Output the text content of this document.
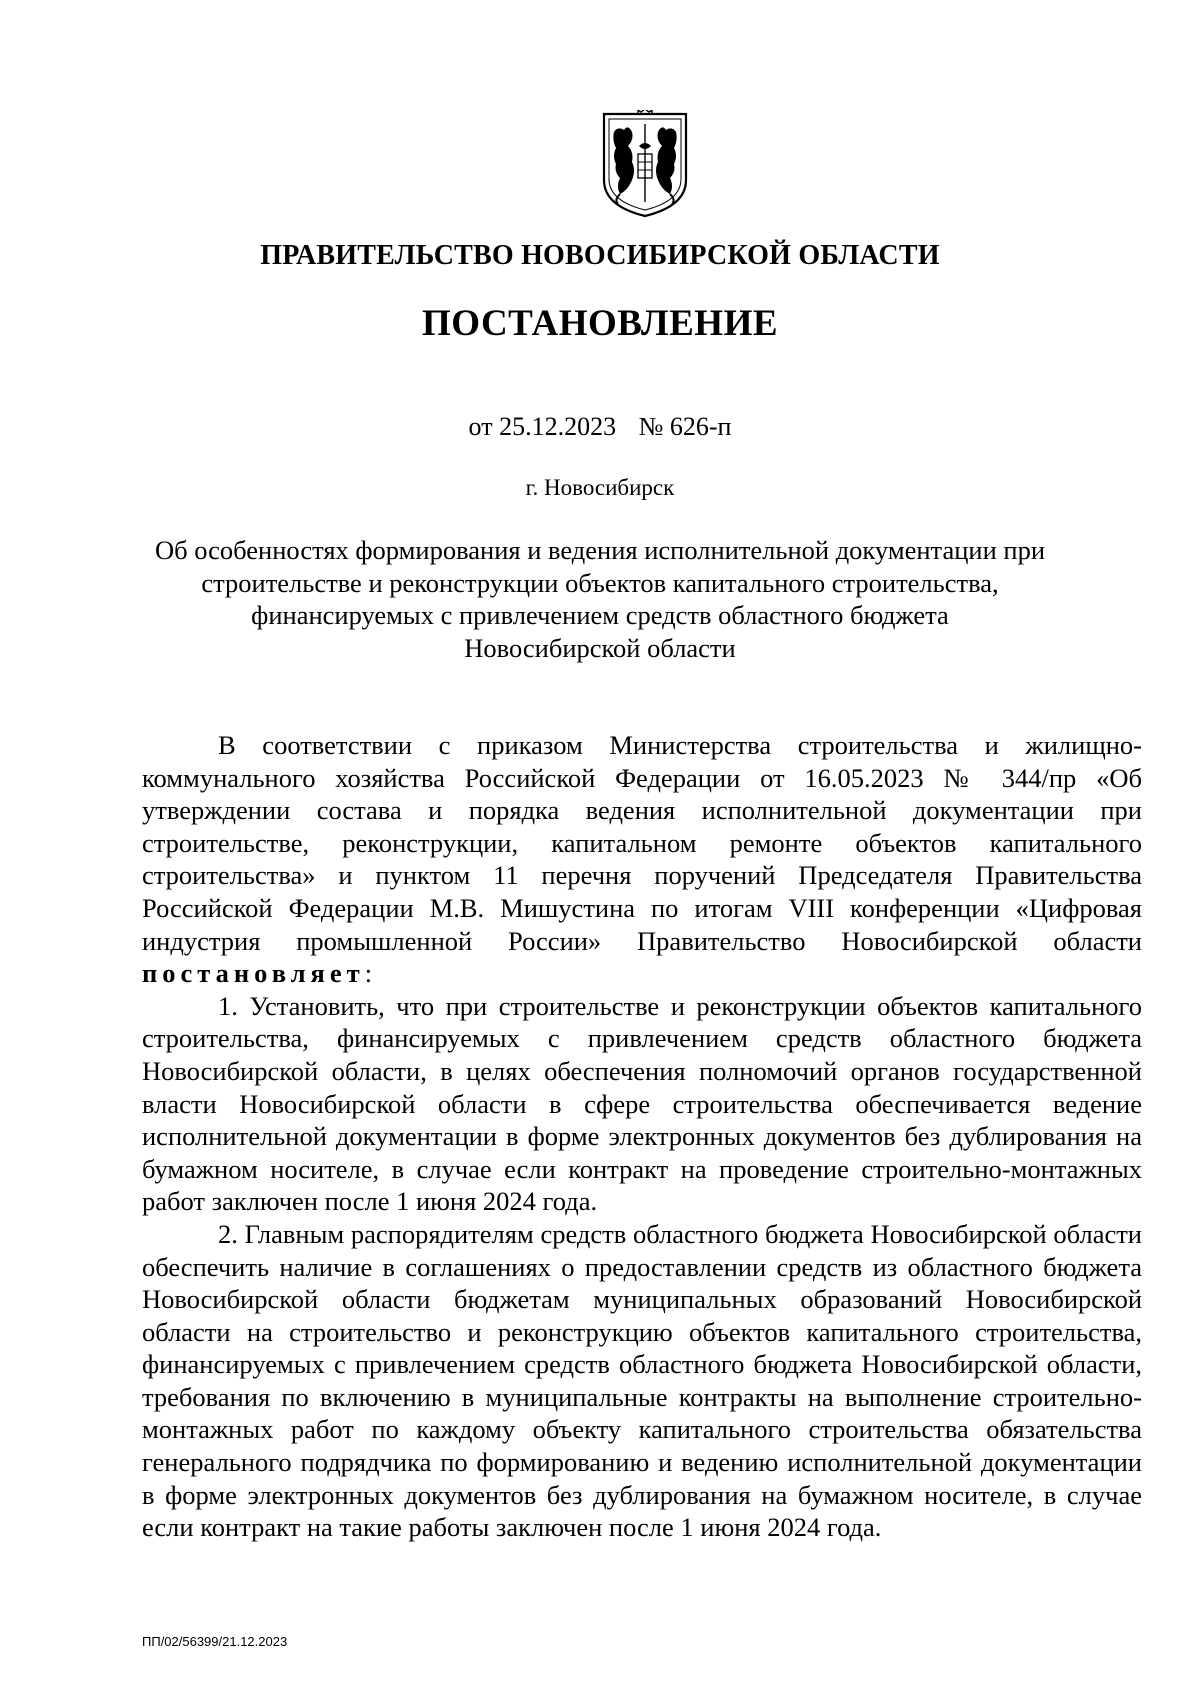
ПРАВИТЕЛЬСТВО НОВОСИБИРСКОЙ ОБЛАСТИ
ПОСТАНОВЛЕНИЕ
от 25.12.2023 № 626-п
г. Новосибирск
Об особенностях формирования и ведения исполнительной документации при
строительстве и реконструкции объектов капитального строительства,
финансируемых с привлечением средств областного бюджета
Новосибирской области

В соответствии с приказом Министерства строительства и жилищно-коммунального хозяйства Российской Федерации от 16.05.2023 № 344/пр «Об утверждении состава и порядка ведения исполнительной документации при строительстве, реконструкции, капитальном ремонте объектов капитального строительства» и пунктом 11 перечня поручений Председателя Правительства Российской Федерации М.В. Мишустина по итогам VIII конференции «Цифровая индустрия промышленной России» Правительство Новосибирской области постановляет:

1. Установить, что при строительстве и реконструкции объектов капитального строительства, финансируемых с привлечением средств областного бюджета Новосибирской области, в целях обеспечения полномочий органов государственной власти Новосибирской области в сфере строительства обеспечивается ведение исполнительной документации в форме электронных документов без дублирования на бумажном носителе, в случае если контракт на проведение строительно-монтажных работ заключен после 1 июня 2024 года.

2. Главным распорядителям средств областного бюджета Новосибирской области обеспечить наличие в соглашениях о предоставлении средств из областного бюджета Новосибирской области бюджетам муниципальных образований Новосибирской области на строительство и реконструкцию объектов капитального строительства, финансируемых с привлечением средств областного бюджета Новосибирской области, требования по включению в муниципальные контракты на выполнение строительно-монтажных работ по каждому объекту капитального строительства обязательства генерального подрядчика по формированию и ведению исполнительной документации в форме электронных документов без дублирования на бумажном носителе, в случае если контракт на такие работы заключен после 1 июня 2024 года.

ПП/02/56399/21.12.2023
